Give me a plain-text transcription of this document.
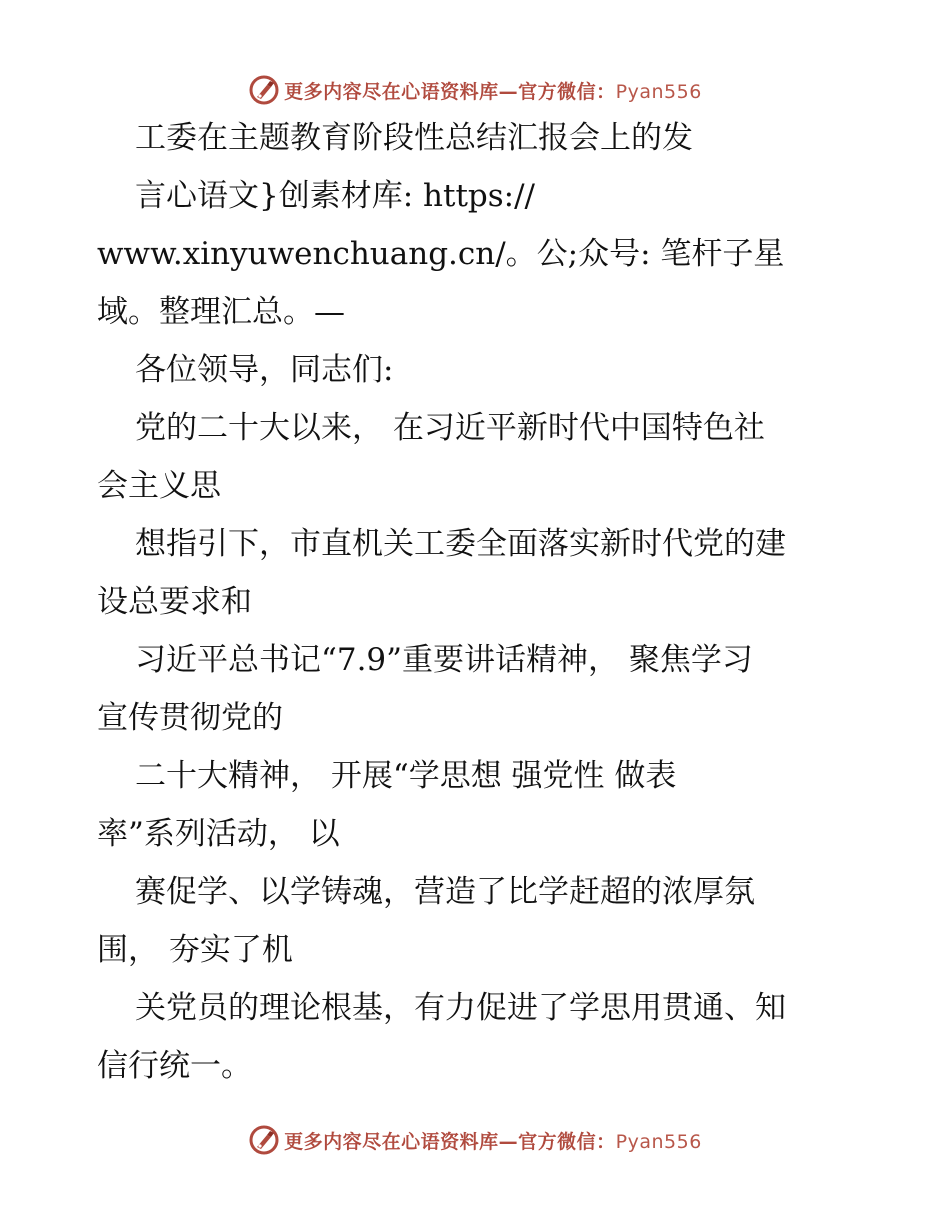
更多内容尽在心语资料库—官方微信：Pyan556
工委在主题教育阶段性总结汇报会上的发
言心语文}创素材库: https://
www.xinyuwenchuang.cn/。公;众号: 笔杆子星
域。整理汇总。—
各位领导，同志们:
党的二十大以来， 在习近平新时代中国特色社
会主义思
想指引下，市直机关工委全面落实新时代党的建
设总要求和
习近平总书记“7.9”重要讲话精神， 聚焦学习
宣传贯彻党的
二十大精神， 开展“学思想 强党性 做表
率”系列活动， 以
赛促学、以学铸魂，营造了比学赶超的浓厚氛
围， 夯实了机
关党员的理论根基，有力促进了学思用贯通、知
信行统一。
更多内容尽在心语资料库—官方微信：Pyan556
